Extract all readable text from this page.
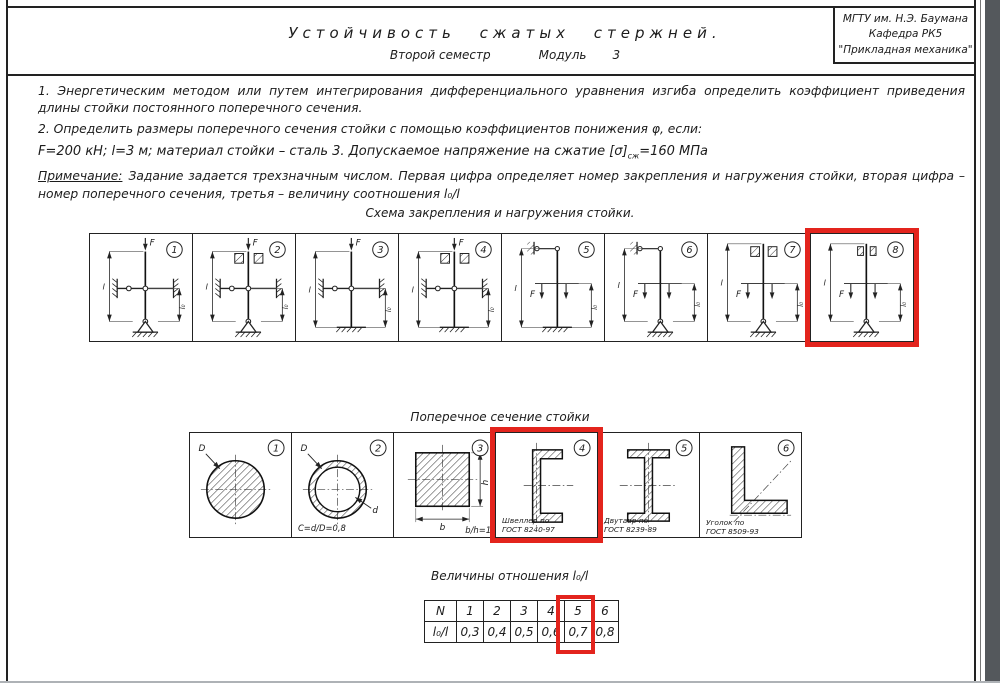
МГТУ им. Н.Э. Баумана
Кафедра РК5
"Прикладная механика"
Устойчивость сжатых стержней.
Второй семестр	Модуль 3

1. Энергетическим методом или путем интегрирования дифференциального уравнения изгиба определить коэффициент приведения длины стойки постоянного поперечного сечения.

2. Определить размеры поперечного сечения стойки с помощью коэффициентов понижения φ, если:

F=200 кН; l=3 м; материал стойки – сталь 3. Допускаемое напряжение на сжатие $[\sigma]_{сж}=160$ МПа

Примечание: Задание задается трехзначным числом. Первая цифра определяет номер закрепления и нагружения стойки, вторая цифра – номер поперечного сечения, третья – величину соотношения l₀/l

Схема закрепления и нагружения стойки.
F
l
l₀
1
F
l
l₀
2
F
l
l₀
3
F
l
l₀
4
F
l
l₀
5
F
l
l₀
6
F
l
l₀
7
F
l
l₀
8
Поперечное сечение стойки
D	1 D
d
C=d/D=0,8
2
b
h
b/h=1
3
Швеллер по
ГОСТ 8240-97
4
Двутавр по
ГОСТ 8239-89
5
Уголок по
ГОСТ 8509-93
6
Величины отношения l₀/l
N	1	2	3	4	5	6
l₀/l	0,3	0,4	0,5	0,6	0,7	0,8
